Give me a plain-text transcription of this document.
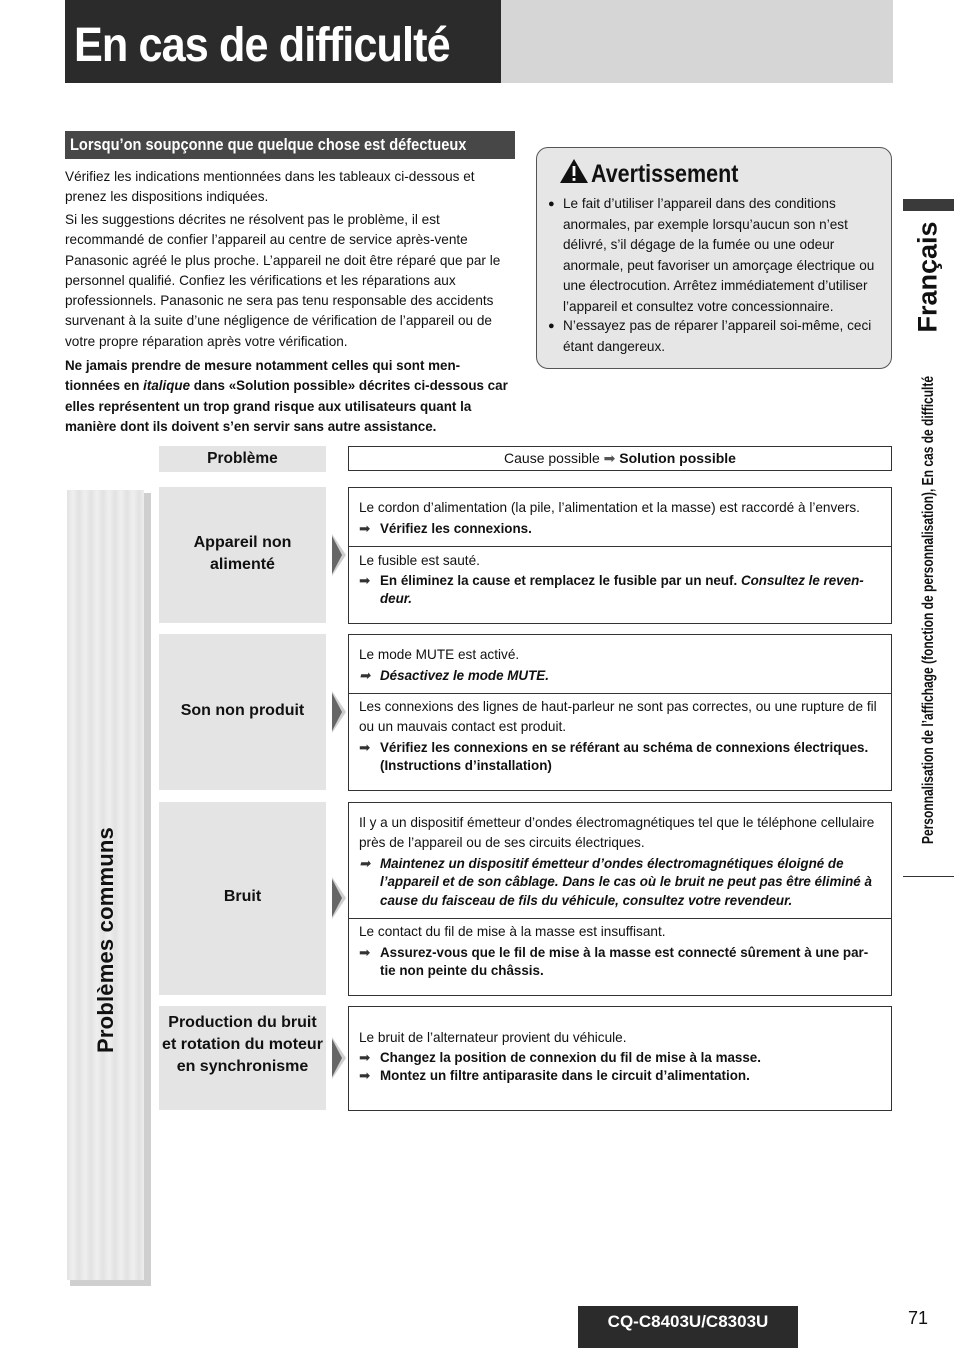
En cas de difficulté
Lorsqu’on soupçonne que quelque chose est défectueux
Vérifiez les indications mentionnées dans les tableaux ci-dessous et prenez les dispositions indiquées.
Si les suggestions décrites ne résolvent pas le problème, il est recommandé de confier l’appareil au centre de service après-vente Panasonic agréé le plus proche. L’appareil ne doit être réparé que par le personnel qualifié. Confiez les vérifications et les réparations aux professionnels. Panasonic ne sera pas tenu responsable des accidents survenant à la suite d’une négligence de vérification de l’appareil ou de votre propre réparation après votre vérification.
Ne jamais prendre de mesure notamment celles qui sont men- tionnées en italique dans «Solution possible» décrites ci-dessous car elles représentent un trop grand risque aux utilisateurs quant la manière dont ils doivent s’en servir sans autre assistance.
Avertissement
● Le fait d’utiliser l’appareil dans des conditions anormales, par exemple lorsqu’aucun son n’est délivré, s’il dégage de la fumée ou une odeur anormale, peut favoriser un amorçage électrique ou une électrocution. Arrêtez immédiatement d’utiliser l’appareil et consultez votre concessionnaire.
● N’essayez pas de réparer l’appareil soi-même, ceci étant dangereux.
Français
Personnalisation de l’affichage (fonction de personnalisation), En cas de difficulté
Problème	Cause possible ➡ Solution possible
Problèmes communs
Appareil non alimenté
Le cordon d’alimentation (la pile, l’alimentation et la masse) est raccordé à l’envers.
➡ Vérifiez les connexions.
Le fusible est sauté.
➡ En éliminez la cause et remplacez le fusible par un neuf. Consultez le reven- deur.
Son non produit
Le mode MUTE est activé.
➡ Désactivez le mode MUTE.
Les connexions des lignes de haut-parleur ne sont pas correctes, ou une rupture de fil ou un mauvais contact est produit.
➡ Vérifiez les connexions en se référant au schéma de connexions électriques. (Instructions d’installation)
Bruit
Il y a un dispositif émetteur d’ondes électromagnétiques tel que le téléphone cellulaire près de l’appareil ou de ses circuits électriques.
➡ Maintenez un dispositif émetteur d’ondes électromagnétiques éloigné de l’appareil et de son câblage. Dans le cas où le bruit ne peut pas être éliminé à cause du faisceau de fils du véhicule, consultez votre revendeur.
Le contact du fil de mise à la masse est insuffisant.
➡ Assurez-vous que le fil de mise à la masse est connecté sûrement à une par- tie non peinte du châssis.
Production du bruit et rotation du moteur en synchronisme
Le bruit de l’alternateur provient du véhicule.
➡ Changez la position de connexion du fil de mise à la masse.
➡ Montez un filtre antiparasite dans le circuit d’alimentation.
CQ-C8403U/C8303U	71
